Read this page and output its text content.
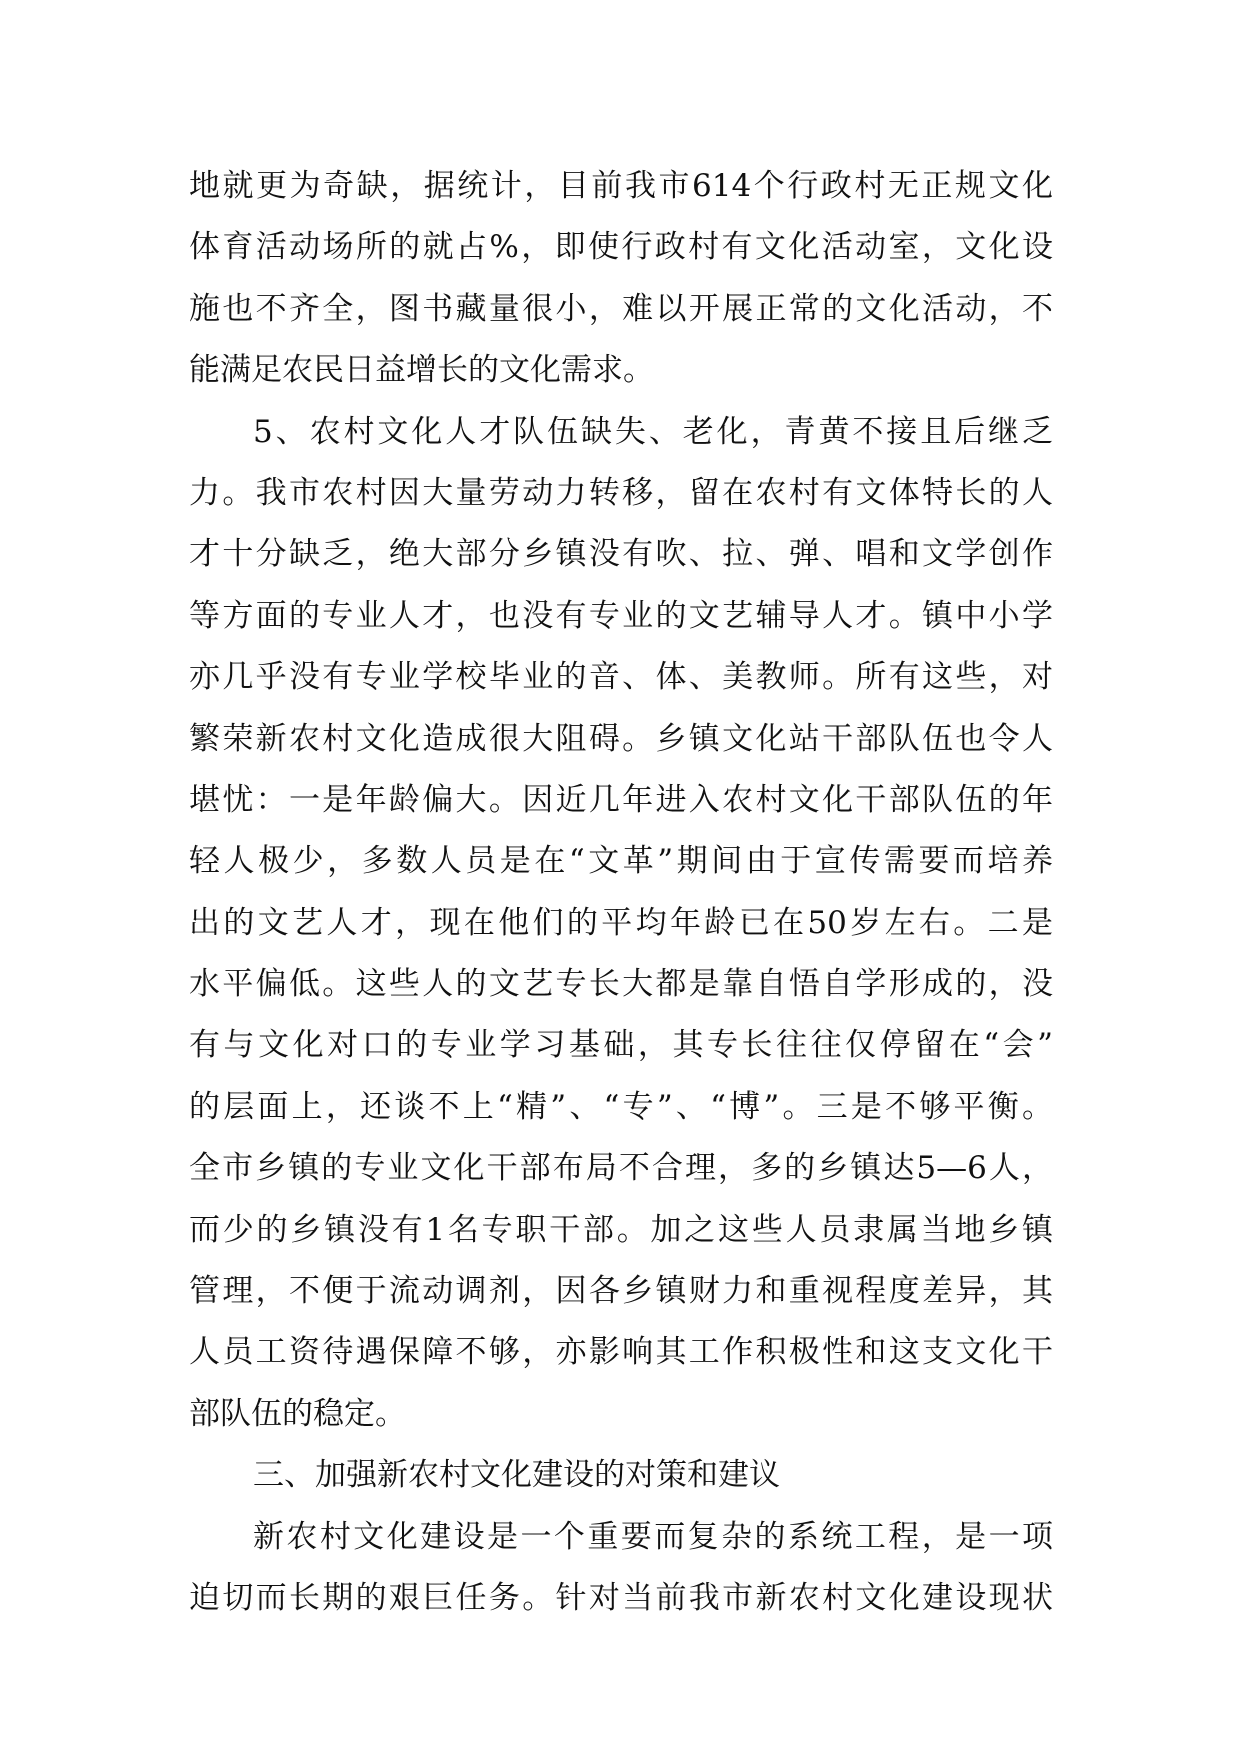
地就更为奇缺，据统计，目前我市614个行政村无正规文化
体育活动场所的就占%，即使行政村有文化活动室，文化设
施也不齐全，图书藏量很小，难以开展正常的文化活动，不
能满足农民日益增长的文化需求。
5、农村文化人才队伍缺失、老化，青黄不接且后继乏
力。我市农村因大量劳动力转移，留在农村有文体特长的人
才十分缺乏，绝大部分乡镇没有吹、拉、弹、唱和文学创作
等方面的专业人才，也没有专业的文艺辅导人才。镇中小学
亦几乎没有专业学校毕业的音、体、美教师。所有这些，对
繁荣新农村文化造成很大阻碍。乡镇文化站干部队伍也令人
堪忧：一是年龄偏大。因近几年进入农村文化干部队伍的年
轻人极少，多数人员是在“文革”期间由于宣传需要而培养
出的文艺人才，现在他们的平均年龄已在50岁左右。二是
水平偏低。这些人的文艺专长大都是靠自悟自学形成的，没
有与文化对口的专业学习基础，其专长往往仅停留在“会”
的层面上，还谈不上“精”、“专”、“博”。三是不够平衡。
全市乡镇的专业文化干部布局不合理，多的乡镇达5—6人，
而少的乡镇没有1名专职干部。加之这些人员隶属当地乡镇
管理，不便于流动调剂，因各乡镇财力和重视程度差异，其
人员工资待遇保障不够，亦影响其工作积极性和这支文化干
部队伍的稳定。
三、加强新农村文化建设的对策和建议
新农村文化建设是一个重要而复杂的系统工程，是一项
迫切而长期的艰巨任务。针对当前我市新农村文化建设现状
